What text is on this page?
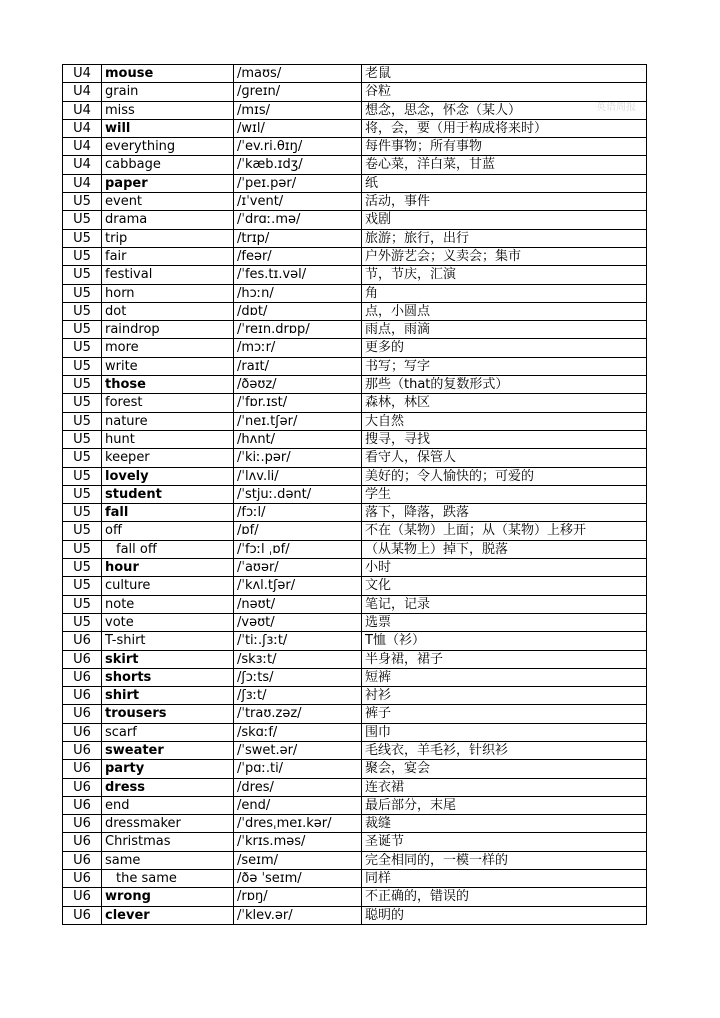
英语周报
U4	mouse	/maʊs/	老鼠
U4	grain	/ɡreɪn/	谷粒
U4	miss	/mɪs/	想念，思念，怀念（某人）
U4	will	/wɪl/	将，会，要（用于构成将来时）
U4	everything	/ˈev.ri.θɪŋ/	每件事物；所有事物
U4	cabbage	/ˈkæb.ɪdʒ/	卷心菜，洋白菜，甘蓝
U4	paper	/ˈpeɪ.pər/	纸
U5	event	/ɪˈvent/	活动，事件
U5	drama	/ˈdrɑː.mə/	戏剧
U5	trip	/trɪp/	旅游；旅行，出行
U5	fair	/feər/	户外游艺会；义卖会；集市
U5	festival	/ˈfes.tɪ.vəl/	节，节庆，汇演
U5	horn	/hɔːn/	角
U5	dot	/dɒt/	点，小圆点
U5	raindrop	/ˈreɪn.drɒp/	雨点，雨滴
U5	more	/mɔːr/	更多的
U5	write	/raɪt/	书写；写字
U5	those	/ðəʊz/	那些（that的复数形式）
U5	forest	/ˈfɒr.ɪst/	森林，林区
U5	nature	/ˈneɪ.tʃər/	大自然
U5	hunt	/hʌnt/	搜寻，寻找
U5	keeper	/ˈkiː.pər/	看守人，保管人
U5	lovely	/ˈlʌv.li/	美好的；令人愉快的；可爱的
U5	student	/ˈstjuː.dənt/	学生
U5	fall	/fɔːl/	落下，降落，跌落
U5	off	/ɒf/	不在（某物）上面；从（某物）上移开
U5	fall off	/ˈfɔːl ˌɒf/	（从某物上）掉下，脱落
U5	hour	/ˈaʊər/	小时
U5	culture	/ˈkʌl.tʃər/	文化
U5	note	/nəʊt/	笔记，记录
U5	vote	/vəʊt/	选票
U6	T-shirt	/ˈtiː.ʃɜːt/	T恤（衫）
U6	skirt	/skɜːt/	半身裙，裙子
U6	shorts	/ʃɔːts/	短裤
U6	shirt	/ʃɜːt/	衬衫
U6	trousers	/ˈtraʊ.zəz/	裤子
U6	scarf	/skɑːf/	围巾
U6	sweater	/ˈswet.ər/	毛线衣，羊毛衫，针织衫
U6	party	/ˈpɑː.ti/	聚会，宴会
U6	dress	/dres/	连衣裙
U6	end	/end/	最后部分，末尾
U6	dressmaker	/ˈdresˌmeɪ.kər/	裁缝
U6	Christmas	/ˈkrɪs.məs/	圣诞节
U6	same	/seɪm/	完全相同的，一模一样的
U6	the same	/ðə ˈseɪm/	同样
U6	wrong	/rɒŋ/	不正确的，错误的
U6	clever	/ˈklev.ər/	聪明的
